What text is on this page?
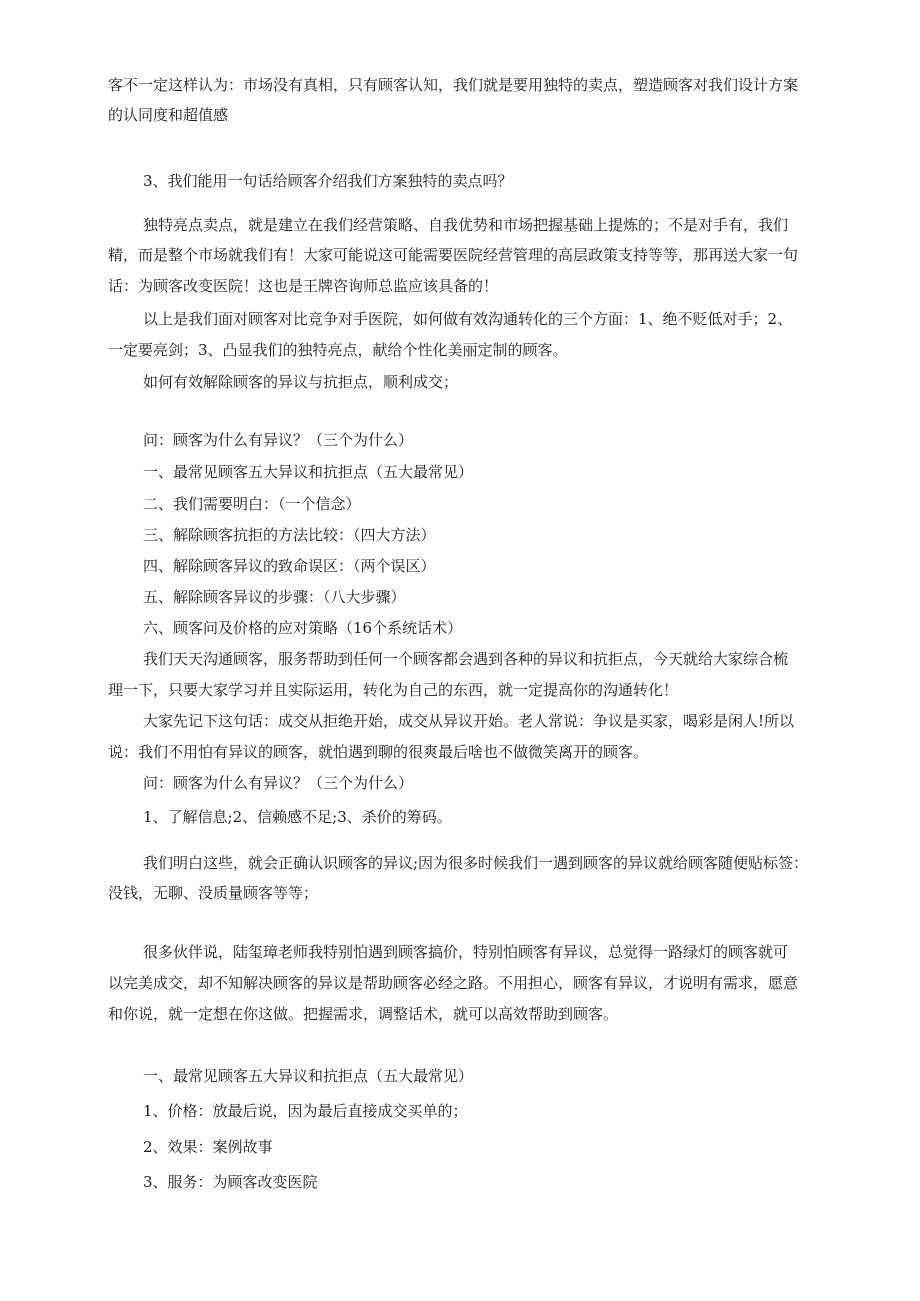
客不一定这样认为：市场没有真相，只有顾客认知，我们就是要用独特的卖点，塑造顾客对我们设计方案

的认同度和超值感

3、我们能用一句话给顾客介绍我们方案独特的卖点吗？

独特亮点卖点，就是建立在我们经营策略、自我优势和市场把握基础上提炼的；不是对手有，我们

精，而是整个市场就我们有！大家可能说这可能需要医院经营管理的高层政策支持等等，那再送大家一句

话：为顾客改变医院！这也是王牌咨询师总监应该具备的！

以上是我们面对顾客对比竞争对手医院，如何做有效沟通转化的三个方面：1、绝不贬低对手；2、

一定要亮剑；3、凸显我们的独特亮点，献给个性化美丽定制的顾客。

如何有效解除顾客的异议与抗拒点，顺利成交；

问：顾客为什么有异议？（三个为什么）

一、最常见顾客五大异议和抗拒点（五大最常见）

二、我们需要明白：（一个信念）

三、解除顾客抗拒的方法比较：（四大方法）

四、解除顾客异议的致命误区：（两个误区）

五、解除顾客异议的步骤：（八大步骤）

六、顾客问及价格的应对策略（16个系统话术）

我们天天沟通顾客，服务帮助到任何一个顾客都会遇到各种的异议和抗拒点，今天就给大家综合梳

理一下，只要大家学习并且实际运用，转化为自己的东西，就一定提高你的沟通转化！

大家先记下这句话：成交从拒绝开始，成交从异议开始。老人常说：争议是买家，喝彩是闲人!所以

说：我们不用怕有异议的顾客，就怕遇到聊的很爽最后啥也不做微笑离开的顾客。

问：顾客为什么有异议？（三个为什么）

1、了解信息;2、信赖感不足;3、杀价的筹码。

我们明白这些，就会正确认识顾客的异议;因为很多时候我们一遇到顾客的异议就给顾客随便贴标签：

没钱，无聊、没质量顾客等等；

很多伙伴说，陆玺璋老师我特别怕遇到顾客搞价，特别怕顾客有异议，总觉得一路绿灯的顾客就可

以完美成交，却不知解决顾客的异议是帮助顾客必经之路。不用担心，顾客有异议，才说明有需求，愿意

和你说，就一定想在你这做。把握需求，调整话术，就可以高效帮助到顾客。

一、最常见顾客五大异议和抗拒点（五大最常见）

1、价格：放最后说，因为最后直接成交买单的；

2、效果：案例故事

3、服务：为顾客改变医院
